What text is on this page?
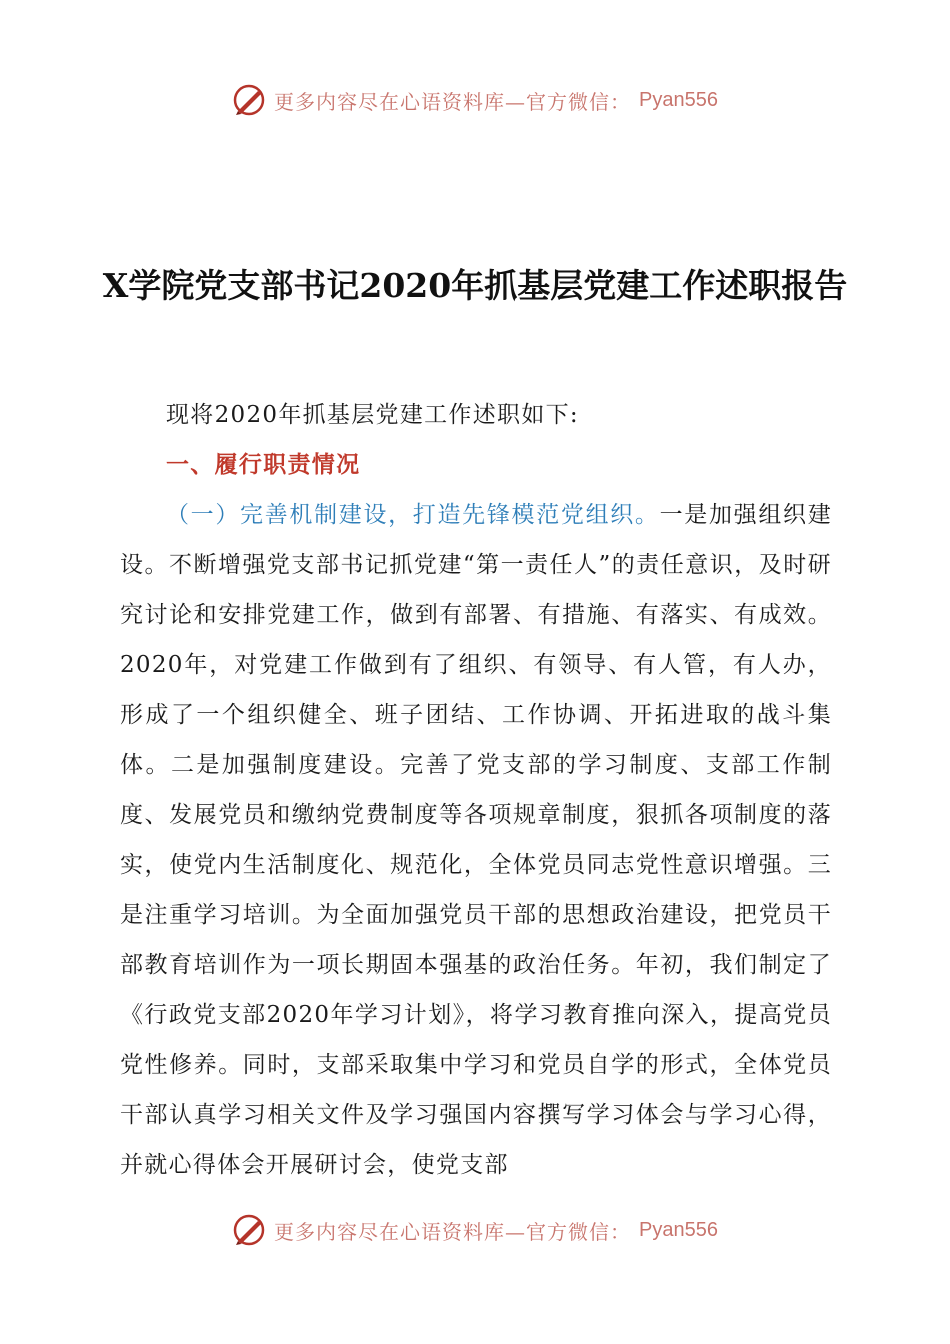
更多内容尽在心语资料库—官方微信： Pyan556
X学院党支部书记2020年抓基层党建工作述职报告

现将2020年抓基层党建工作述职如下:

一、履行职责情况

（一）完善机制建设，打造先锋模范党组织。一是加强组织建设。不断增强党支部书记抓党建“第一责任人”的责任意识，及时研究讨论和安排党建工作，做到有部署、有措施、有落实、有成效。2020年，对党建工作做到有了组织、有领导、有人管，有人办，形成了一个组织健全、班子团结、工作协调、开拓进取的战斗集体。二是加强制度建设。完善了党支部的学习制度、支部工作制度、发展党员和缴纳党费制度等各项规章制度，狠抓各项制度的落实，使党内生活制度化、规范化，全体党员同志党性意识增强。三是注重学习培训。为全面加强党员干部的思想政治建设，把党员干部教育培训作为一项长期固本强基的政治任务。年初，我们制定了《行政党支部2020年学习计划》，将学习教育推向深入，提高党员党性修养。同时，支部采取集中学习和党员自学的形式，全体党员干部认真学习相关文件及学习强国内容撰写学习体会与学习心得，并就心得体会开展研讨会，使党支部

更多内容尽在心语资料库—官方微信： Pyan556
